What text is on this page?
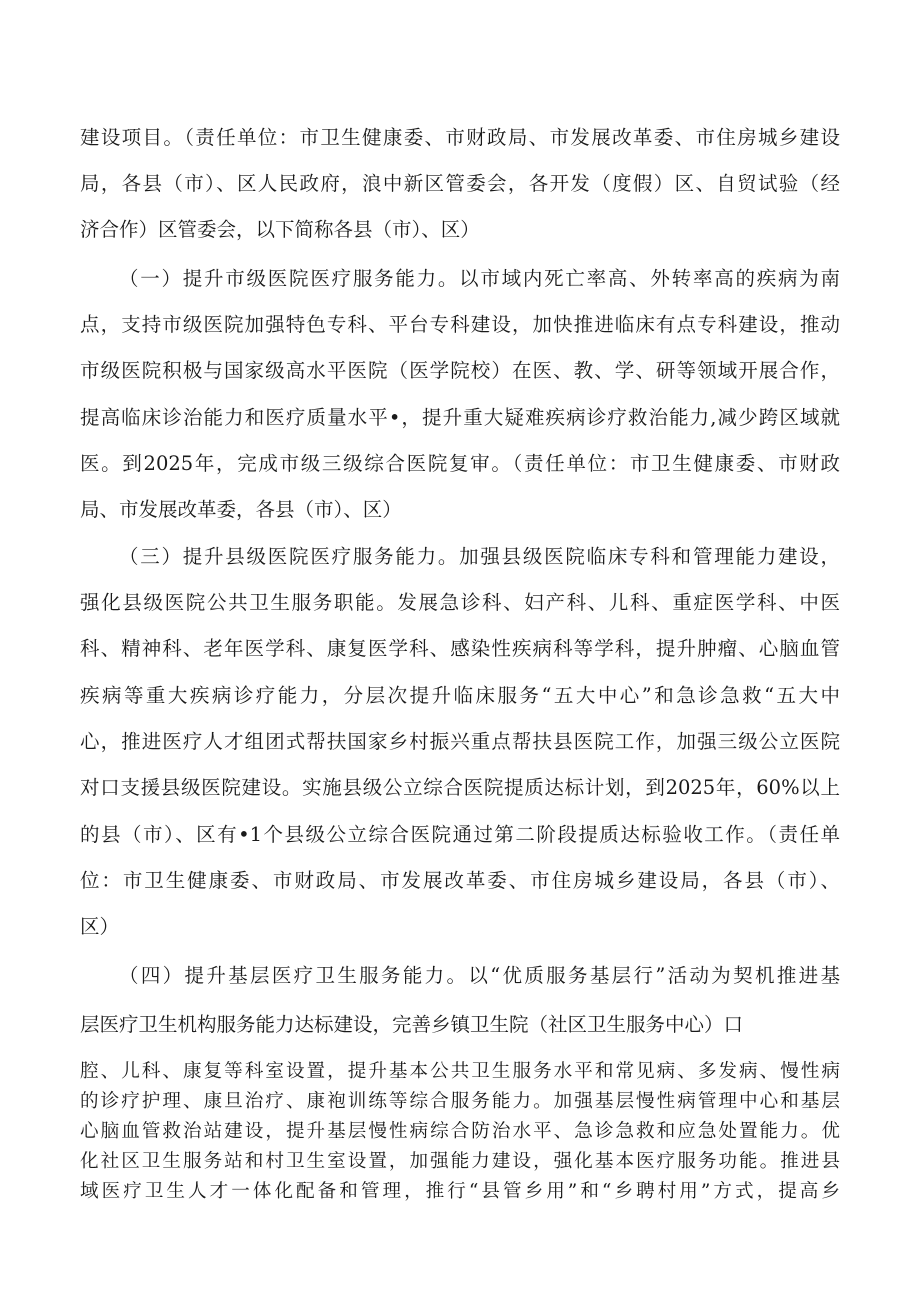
建设项目。（责任单位：市卫生健康委、市财政局、市发展改革委、市住房城乡建设
局，各县（市）、区人民政府，浪中新区管委会，各开发（度假）区、自贸试验（经
济合作）区管委会，以下简称各县（市）、区）
（一）提升市级医院医疗服务能力。以市域内死亡率高、外转率高的疾病为南
点，支持市级医院加强特色专科、平台专科建设，加快推进临床有点专科建设，推动
市级医院积极与国家级高水平医院（医学院校）在医、教、学、研等领域开展合作，
提高临床诊治能力和医疗质量水平•，提升重大疑难疾病诊疗救治能力,减少跨区域就
医。到2025年，完成市级三级综合医院复审。（责任单位：市卫生健康委、市财政
局、市发展改革委，各县（市）、区）
（三）提升县级医院医疗服务能力。加强县级医院临床专科和管理能力建设，
强化县级医院公共卫生服务职能。发展急诊科、妇产科、儿科、重症医学科、中医
科、精神科、老年医学科、康复医学科、感染性疾病科等学科，提升肿瘤、心脑血管
疾病等重大疾病诊疗能力，分层次提升临床服务“五大中心”和急诊急救“五大中
心，推进医疗人才组团式帮扶国家乡村振兴重点帮扶县医院工作，加强三级公立医院
对口支援县级医院建设。实施县级公立综合医院提质达标计划，到2025年，60%以上
的县（市）、区有•1个县级公立综合医院通过第二阶段提质达标验收工作。（责任单
位：市卫生健康委、市财政局、市发展改革委、市住房城乡建设局，各县（市）、
区）
（四）提升基层医疗卫生服务能力。以“优质服务基层行”活动为契机推进基
层医疗卫生机构服务能力达标建设，完善乡镇卫生院（社区卫生服务中心）口
腔、儿科、康复等科室设置，提升基本公共卫生服务水平和常见病、多发病、慢性病
的诊疗护理、康旦治疗、康袍训练等综合服务能力。加强基层慢性病管理中心和基层
心脑血管救治站建设，提升基层慢性病综合防治水平、急诊急救和应急处置能力。优
化社区卫生服务站和村卫生室设置，加强能力建设，强化基本医疗服务功能。推进县
域医疗卫生人才一体化配备和管理，推行“县管乡用”和“乡聘村用”方式，提高乡
